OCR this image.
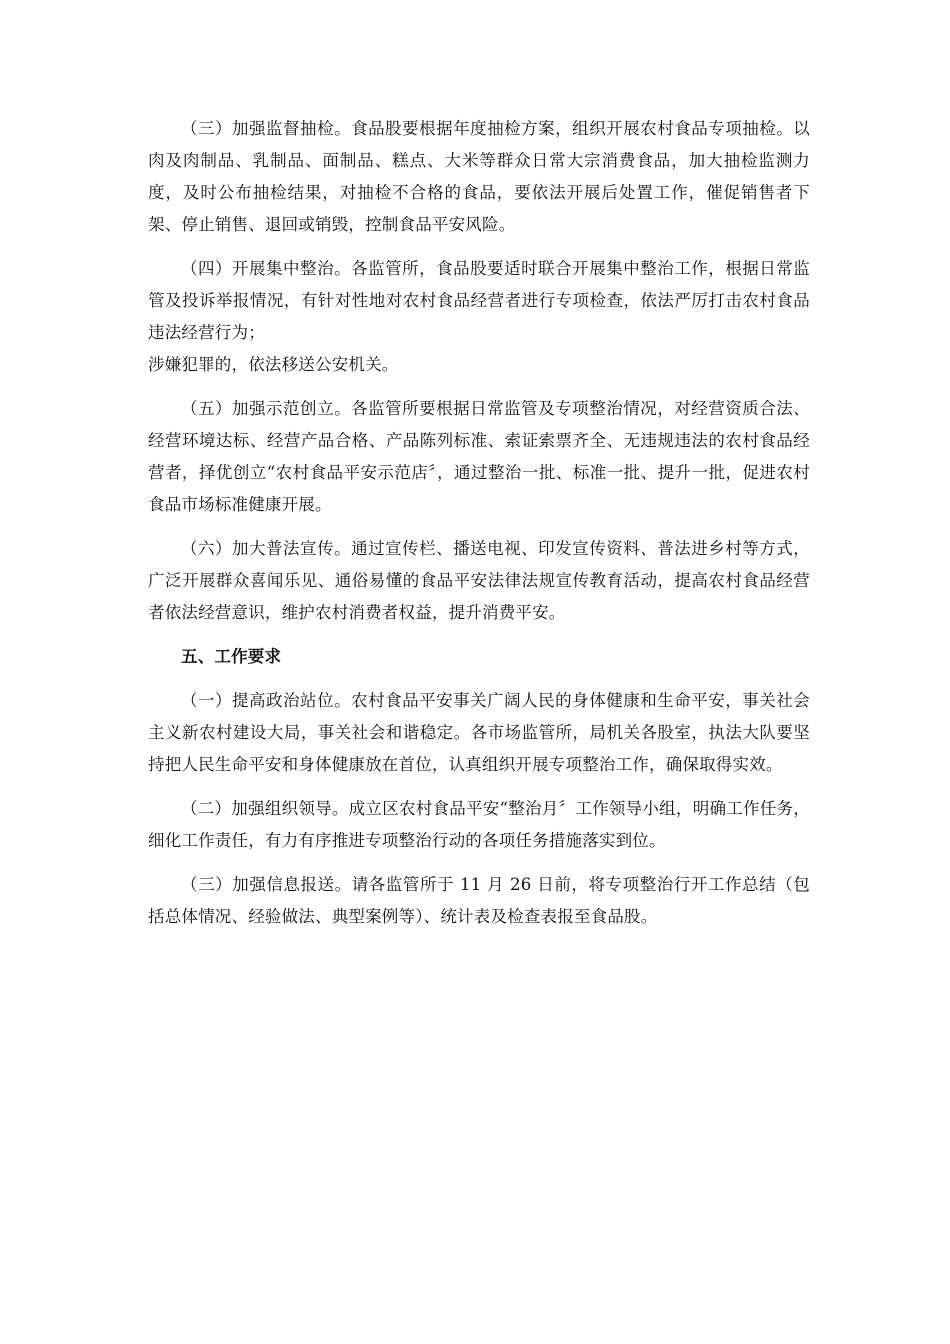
（三）加强监督抽检。食品股要根据年度抽检方案，组织开展农村食品专项抽检。以肉及肉制品、乳制品、面制品、糕点、大米等群众日常大宗消费食品，加大抽检监测力度，及时公布抽检结果，对抽检不合格的食品，要依法开展后处置工作，催促销售者下架、停止销售、退回或销毁，控制食品平安风险。

（四）开展集中整治。各监管所，食品股要适时联合开展集中整治工作，根据日常监管及投诉举报情况，有针对性地对农村食品经营者进行专项检查，依法严厉打击农村食品违法经营行为；

涉嫌犯罪的，依法移送公安机关。

（五）加强示范创立。各监管所要根据日常监管及专项整治情况，对经营资质合法、经营环境达标、经营产品合格、产品陈列标准、索证索票齐全、无违规违法的农村食品经营者，择优创立“农村食品平安示范店〞，通过整治一批、标准一批、提升一批，促进农村食品市场标准健康开展。

（六）加大普法宣传。通过宣传栏、播送电视、印发宣传资料、普法进乡村等方式，广泛开展群众喜闻乐见、通俗易懂的食品平安法律法规宣传教育活动，提高农村食品经营者依法经营意识，维护农村消费者权益，提升消费平安。

五、工作要求

（一）提高政治站位。农村食品平安事关广阔人民的身体健康和生命平安，事关社会主义新农村建设大局，事关社会和谐稳定。各市场监管所，局机关各股室，执法大队要坚持把人民生命平安和身体健康放在首位，认真组织开展专项整治工作，确保取得实效。

（二）加强组织领导。成立区农村食品平安“整治月〞工作领导小组，明确工作任务，细化工作责任，有力有序推进专项整治行动的各项任务措施落实到位。

（三）加强信息报送。请各监管所于 11 月 26 日前，将专项整治行开工作总结（包括总体情况、经验做法、典型案例等）、统计表及检查表报至食品股。
